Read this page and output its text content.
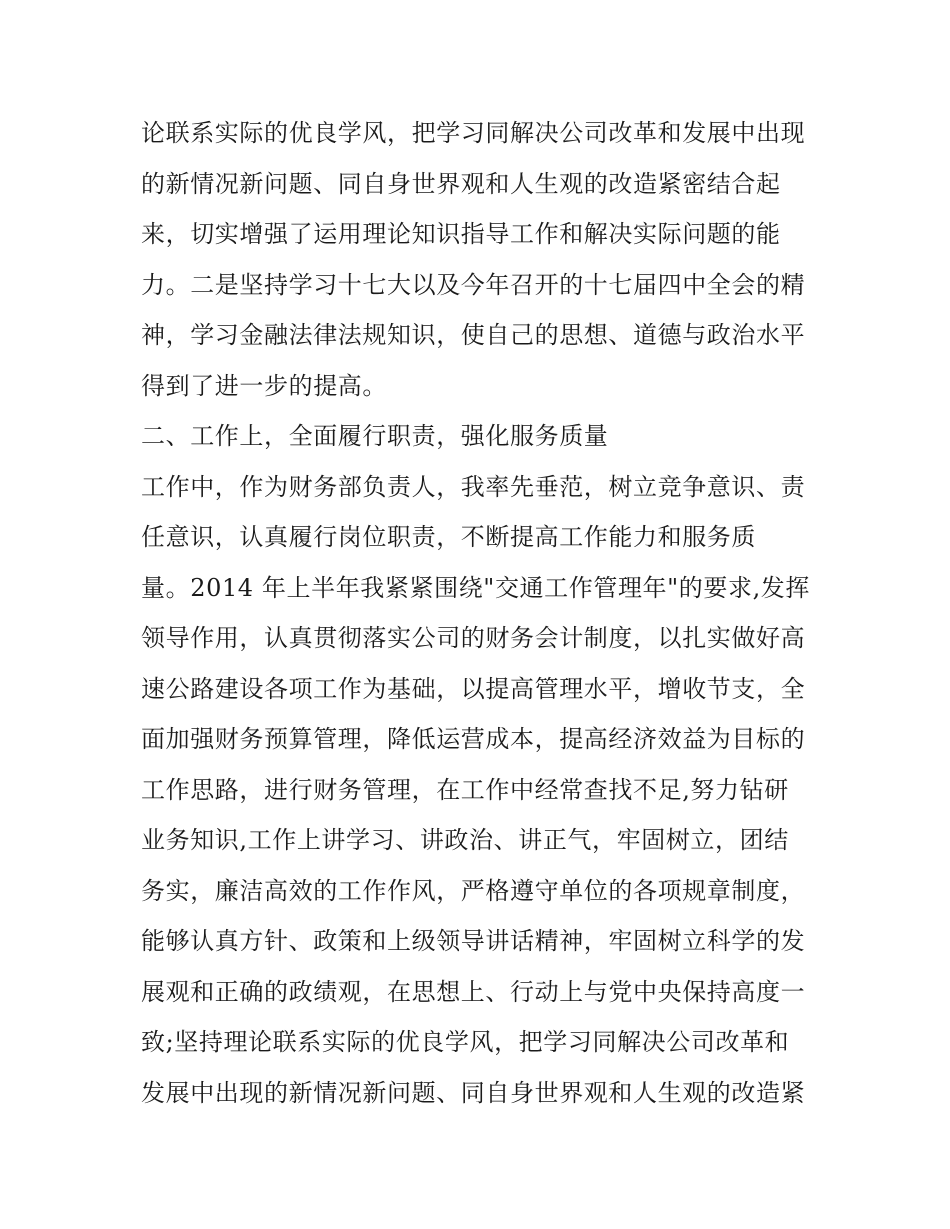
论联系实际的优良学风，把学习同解决公司改革和发展中出现
的新情况新问题、同自身世界观和人生观的改造紧密结合起
来，切实增强了运用理论知识指导工作和解决实际问题的能
力。二是坚持学习十七大以及今年召开的十七届四中全会的精
神，学习金融法律法规知识，使自己的思想、道德与政治水平
得到了进一步的提高。
二、工作上，全面履行职责，强化服务质量
工作中，作为财务部负责人，我率先垂范，树立竞争意识、责
任意识，认真履行岗位职责，不断提高工作能力和服务质
量。2014 年上半年我紧紧围绕"交通工作管理年"的要求,发挥
领导作用，认真贯彻落实公司的财务会计制度，以扎实做好高
速公路建设各项工作为基础，以提高管理水平，增收节支，全
面加强财务预算管理，降低运营成本，提高经济效益为目标的
工作思路，进行财务管理，在工作中经常查找不足,努力钻研
业务知识,工作上讲学习、讲政治、讲正气，牢固树立，团结
务实，廉洁高效的工作作风，严格遵守单位的各项规章制度，
能够认真方针、政策和上级领导讲话精神，牢固树立科学的发
展观和正确的政绩观，在思想上、行动上与党中央保持高度一
致;坚持理论联系实际的优良学风，把学习同解决公司改革和
发展中出现的新情况新问题、同自身世界观和人生观的改造紧
